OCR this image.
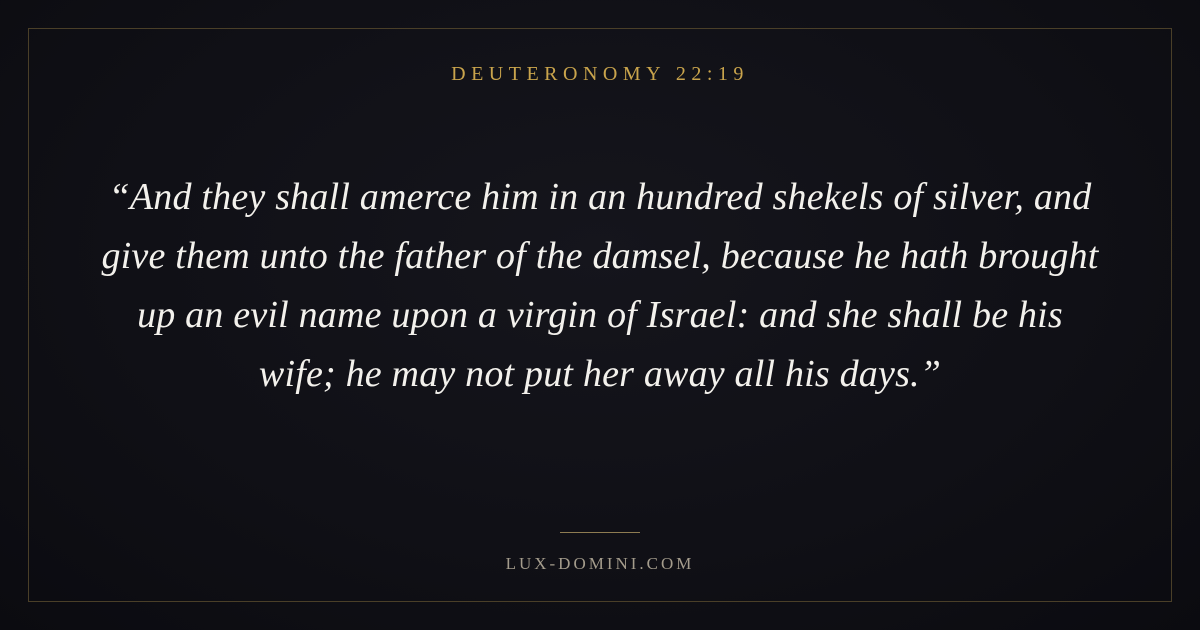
DEUTERONOMY 22:19
“And they shall amerce him in an hundred shekels of silver, and give them unto the father of the damsel, because he hath brought up an evil name upon a virgin of Israel: and she shall be his wife; he may not put her away all his days.”
LUX-DOMINI.COM
